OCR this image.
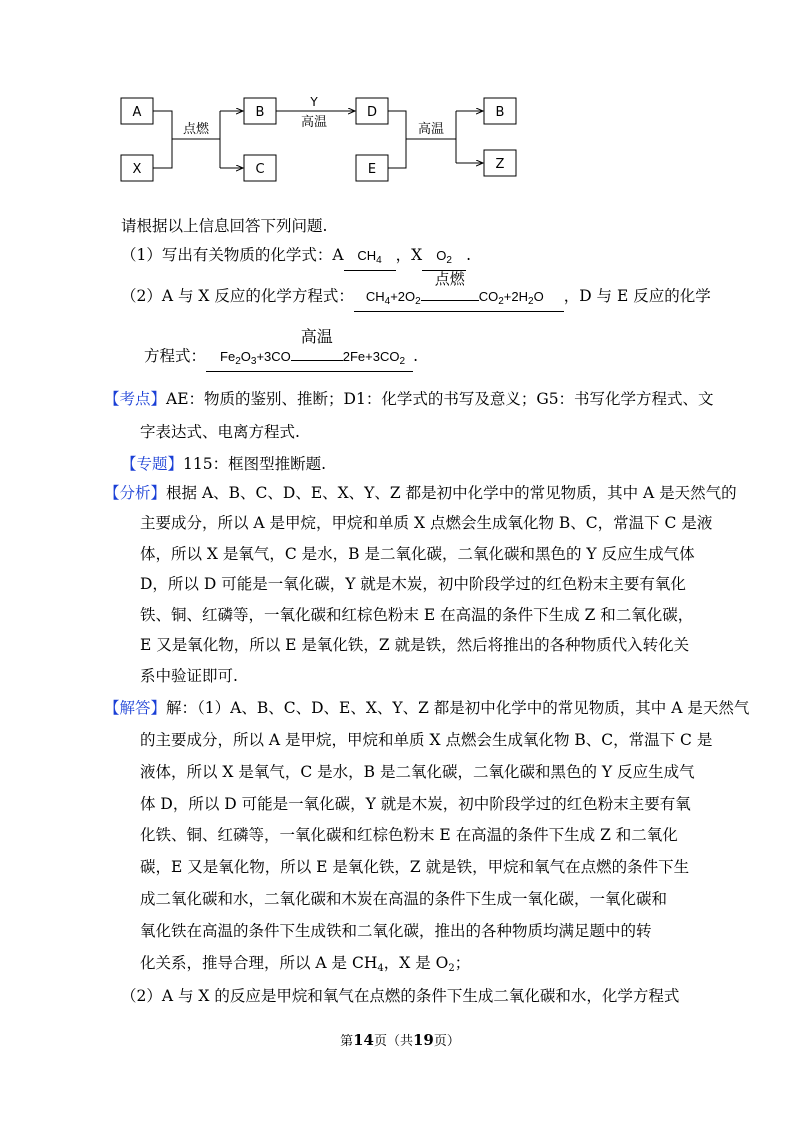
A
X
B
C
D
E
B
Z
点燃
Y
高温	高温
请根据以上信息回答下列问题.
（1）写出有关物质的化学式：A $CH_4$ ，X $O_2$ .
（2）A 与 X 反应的化学方程式： $CH_4+2O_2$
点燃
$CO_2+2H_2O$ ，D 与 E 反应的化学
方程式： $Fe_2O_3+3CO$
高温
$2Fe+3CO_2$ .
【考点】AE：物质的鉴别、推断；D1：化学式的书写及意义；G5：书写化学方程式、文
字表达式、电离方程式.
【专题】115：框图型推断题.
【分析】根据 A、B、C、D、E、X、Y、Z 都是初中化学中的常见物质，其中 A 是天然气的
主要成分，所以 A 是甲烷，甲烷和单质 X 点燃会生成氧化物 B、C，常温下 C 是液
体，所以 X 是氧气，C 是水，B 是二氧化碳，二氧化碳和黑色的 Y 反应生成气体
D，所以 D 可能是一氧化碳，Y 就是木炭，初中阶段学过的红色粉末主要有氧化
铁、铜、红磷等，一氧化碳和红棕色粉末 E 在高温的条件下生成 Z 和二氧化碳，
E 又是氧化物，所以 E 是氧化铁，Z 就是铁，然后将推出的各种物质代入转化关
系中验证即可.
【解答】解：（1）A、B、C、D、E、X、Y、Z 都是初中化学中的常见物质，其中 A 是天然气
的主要成分，所以 A 是甲烷，甲烷和单质 X 点燃会生成氧化物 B、C，常温下 C 是
液体，所以 X 是氧气，C 是水，B 是二氧化碳，二氧化碳和黑色的 Y 反应生成气
体 D，所以 D 可能是一氧化碳，Y 就是木炭，初中阶段学过的红色粉末主要有氧
化铁、铜、红磷等，一氧化碳和红棕色粉末 E 在高温的条件下生成 Z 和二氧化
碳，E 又是氧化物，所以 E 是氧化铁，Z 就是铁，甲烷和氧气在点燃的条件下生
成二氧化碳和水，二氧化碳和木炭在高温的条件下生成一氧化碳，一氧化碳和
氧化铁在高温的条件下生成铁和二氧化碳，推出的各种物质均满足题中的转
化关系，推导合理，所以 A 是 $CH_4$，X 是 $O_2$；
（2）A 与 X 的反应是甲烷和氧气在点燃的条件下生成二氧化碳和水，化学方程式
第14页（共19页）
